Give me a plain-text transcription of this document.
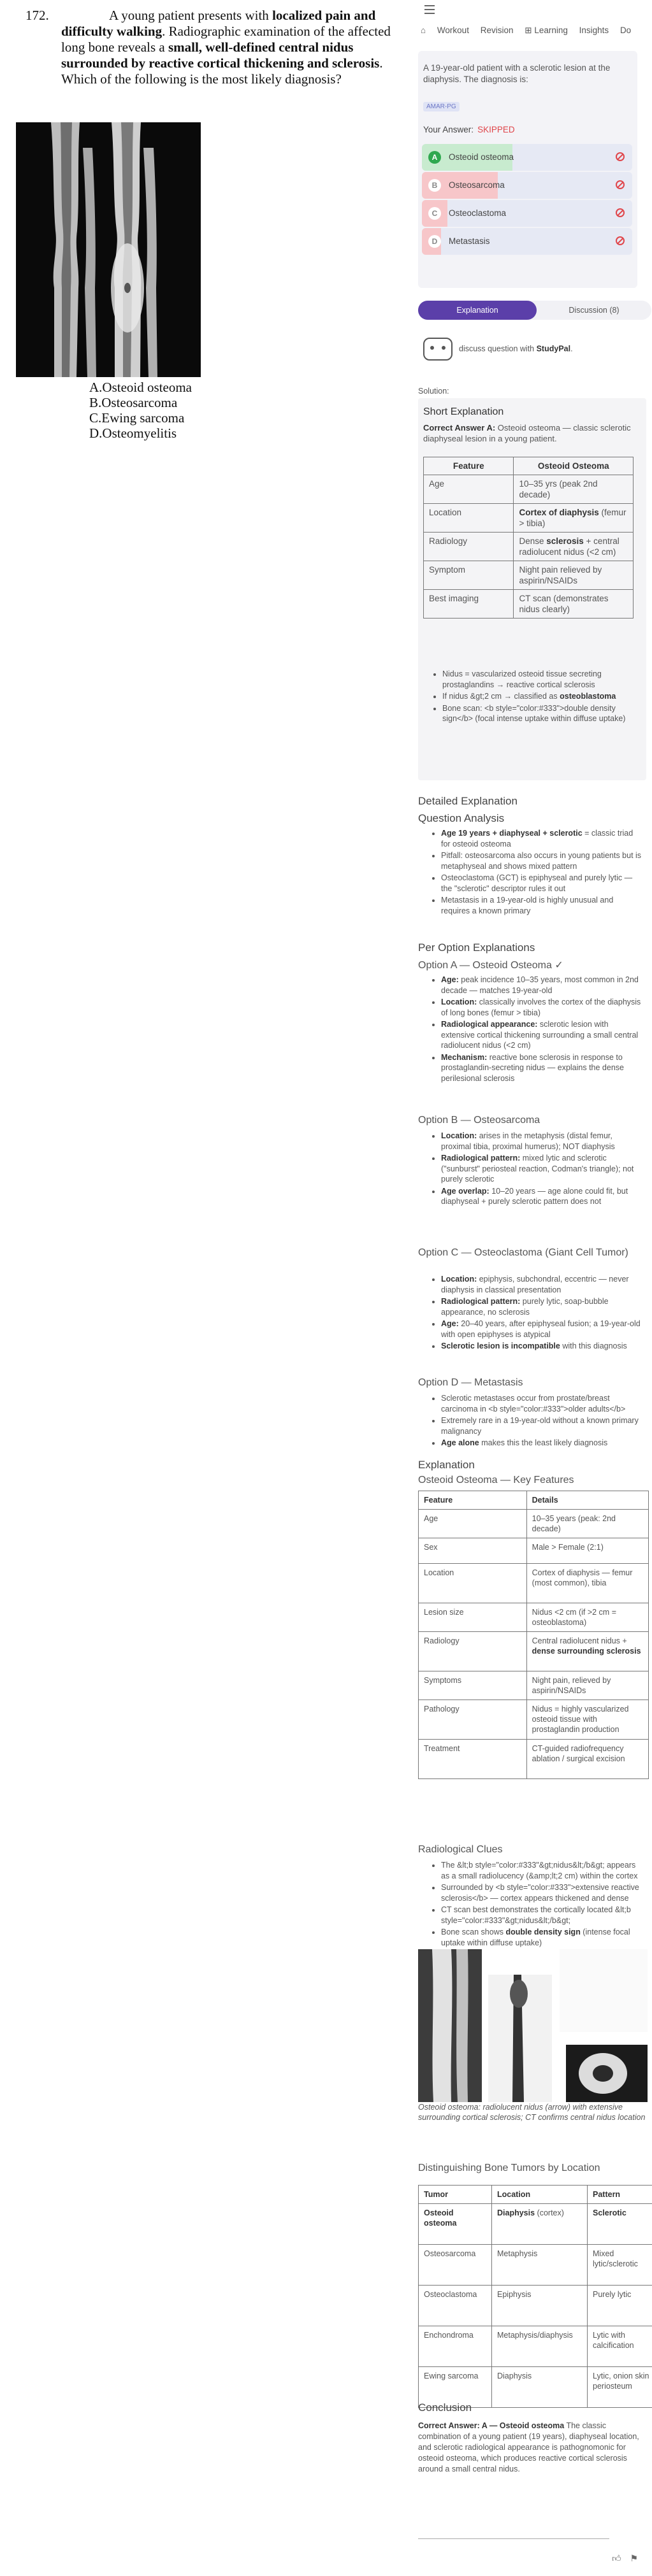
172.	A young patient presents with localized pain and difficulty walking. Radiographic examination of the affected long bone reveals a small, well-defined central nidus surrounded by reactive cortical thickening and sclerosis. Which of the following is the most likely diagnosis?
A.Osteoid osteoma
B.Osteosarcoma
C.Ewing sarcoma
D.Osteomyelitis
⌂ Workout Revision ⊞ Learning Insights Do
A 19-year-old patient with a sclerotic lesion at the diaphysis. The diagnosis is:
AMAR-PG
Your Answer: SKIPPED
A	Osteoid osteoma
B	Osteosarcoma
C	Osteoclastoma
D	Metastasis
Explanation	Discussion (8)
discuss question with StudyPal.
Solution:
Short Explanation
Correct Answer A: Osteoid osteoma — classic sclerotic diaphyseal lesion in a young patient.
Feature	Osteoid Osteoma
Age	10–35 yrs (peak 2nd decade)
Location	Cortex of diaphysis (femur > tibia)
Radiology	Dense sclerosis + central radiolucent nidus (<2 cm)
Symptom	Night pain relieved by aspirin/NSAIDs
Best imaging	CT scan (demonstrates nidus clearly)
• Nidus = vascularized osteoid tissue secreting prostaglandins → reactive cortical sclerosis
• If nidus &gt;2 cm → classified as osteoblastoma
• Bone scan: <b style="color:#333">double density sign</b> (focal intense uptake within diffuse uptake)
Detailed Explanation
Question Analysis
• Age 19 years + diaphyseal + sclerotic = classic triad for osteoid osteoma
• Pitfall: osteosarcoma also occurs in young patients but is metaphyseal and shows mixed pattern
• Osteoclastoma (GCT) is epiphyseal and purely lytic — the "sclerotic" descriptor rules it out
• Metastasis in a 19-year-old is highly unusual and requires a known primary
Per Option Explanations
Option A — Osteoid Osteoma ✓
• Age: peak incidence 10–35 years, most common in 2nd decade — matches 19-year-old
• Location: classically involves the cortex of the diaphysis of long bones (femur > tibia)
• Radiological appearance: sclerotic lesion with extensive cortical thickening surrounding a small central radiolucent nidus (<2 cm)
• Mechanism: reactive bone sclerosis in response to prostaglandin-secreting nidus — explains the dense perilesional sclerosis
Option B — Osteosarcoma
• Location: arises in the metaphysis (distal femur, proximal tibia, proximal humerus); NOT diaphysis
• Radiological pattern: mixed lytic and sclerotic ("sunburst" periosteal reaction, Codman's triangle); not purely sclerotic
• Age overlap: 10–20 years — age alone could fit, but diaphyseal + purely sclerotic pattern does not
Option C — Osteoclastoma (Giant Cell Tumor)
• Location: epiphysis, subchondral, eccentric — never diaphysis in classical presentation
• Radiological pattern: purely lytic, soap-bubble appearance, no sclerosis
• Age: 20–40 years, after epiphyseal fusion; a 19-year-old with open epiphyses is atypical
• Sclerotic lesion is incompatible with this diagnosis
Option D — Metastasis
• Sclerotic metastases occur from prostate/breast carcinoma in <b style="color:#333">older adults</b>
• Extremely rare in a 19-year-old without a known primary malignancy
• Age alone makes this the least likely diagnosis
Explanation
Osteoid Osteoma — Key Features
Feature	Details
Age	10–35 years (peak: 2nd decade)
Sex	Male > Female (2:1)
Location	Cortex of diaphysis — femur (most common), tibia
Lesion size	Nidus <2 cm (if >2 cm = osteoblastoma)
Radiology	Central radiolucent nidus + dense surrounding sclerosis
Symptoms	Night pain, relieved by aspirin/NSAIDs
Pathology	Nidus = highly vascularized osteoid tissue with prostaglandin production
Treatment	CT-guided radiofrequency ablation / surgical excision
Radiological Clues
• The &lt;b style="color:#333"&gt;nidus&lt;/b&gt; appears as a small radiolucency (&amp;lt;2 cm) within the cortex
• Surrounded by <b style="color:#333">extensive reactive sclerosis</b> — cortex appears thickened and dense
• CT scan best demonstrates the cortically located &lt;b style="color:#333"&gt;nidus&lt;/b&gt;
• Bone scan shows double density sign (intense focal uptake within diffuse uptake)
Osteoid osteoma: radiolucent nidus (arrow) with extensive surrounding cortical sclerosis; CT confirms central nidus location
Distinguishing Bone Tumors by Location
Tumor	Location	Pattern
Osteoid osteoma	Diaphysis (cortex)	Sclerotic
Osteosarcoma	Metaphysis	Mixed lytic/sclerotic
Osteoclastoma	Epiphysis	Purely lytic
Enchondroma	Metaphysis/diaphysis	Lytic with calcification
Ewing sarcoma	Diaphysis	Lytic, onion skin periosteum
Conclusion
Correct Answer: A — Osteoid osteoma The classic combination of a young patient (19 years), diaphyseal location, and sclerotic radiological appearance is pathognomonic for osteoid osteoma, which produces reactive cortical sclerosis around a small central nidus.
👍︎ ⚑
